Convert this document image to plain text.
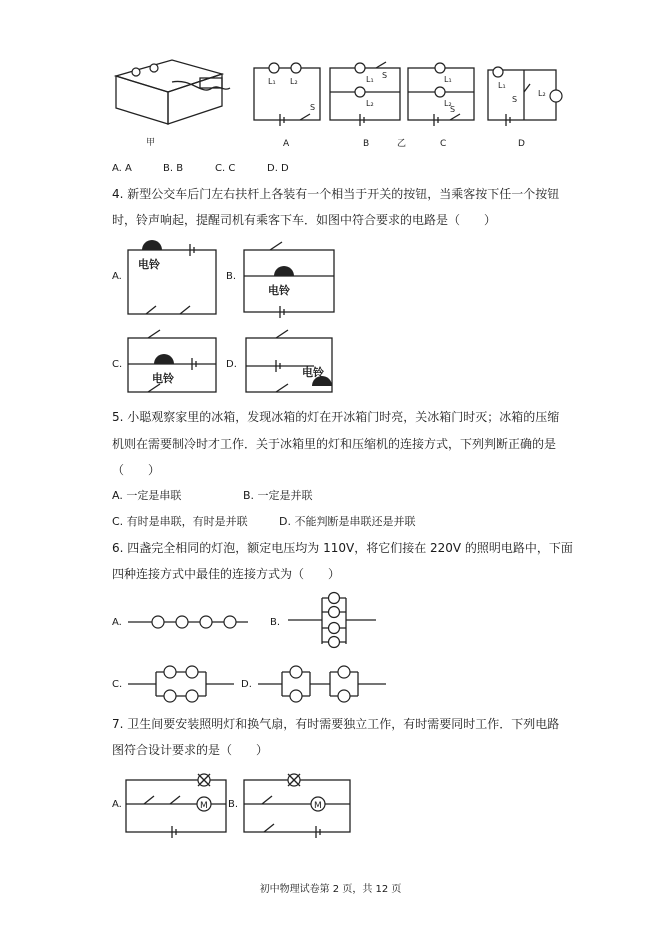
甲
L₁ L₂
S
A
L₁
L₂
S
B	乙
L₁
L₂
S
C
L₁
L₂
S
D
A. A	B. B	C. C	D. D
4. 新型公交车后门左右扶杆上各装有一个相当于开关的按钮，当乘客按下任一个按钮
时，铃声响起，提醒司机有乘客下车．如图中符合要求的电路是（　　）
A.
电铃
B.
电铃
C.
电铃
D.
电铃
5. 小聪观察家里的冰箱，发现冰箱的灯在开冰箱门时亮，关冰箱门时灭；冰箱的压缩
机则在需要制冷时才工作．关于冰箱里的灯和压缩机的连接方式，下列判断正确的是
（　　）
A. 一定是串联	B. 一定是并联
C. 有时是串联，有时是并联	D. 不能判断是串联还是并联
6. 四盏完全相同的灯泡，额定电压均为 110V，将它们接在 220V 的照明电路中，下面
四种连接方式中最佳的连接方式为（　　）
A.	B.
C.	D.
7. 卫生间要安装照明灯和换气扇，有时需要独立工作，有时需要同时工作．下列电路
图符合设计要求的是（　　）
A.	M B.	M
初中物理试卷第 2 页，共 12 页
